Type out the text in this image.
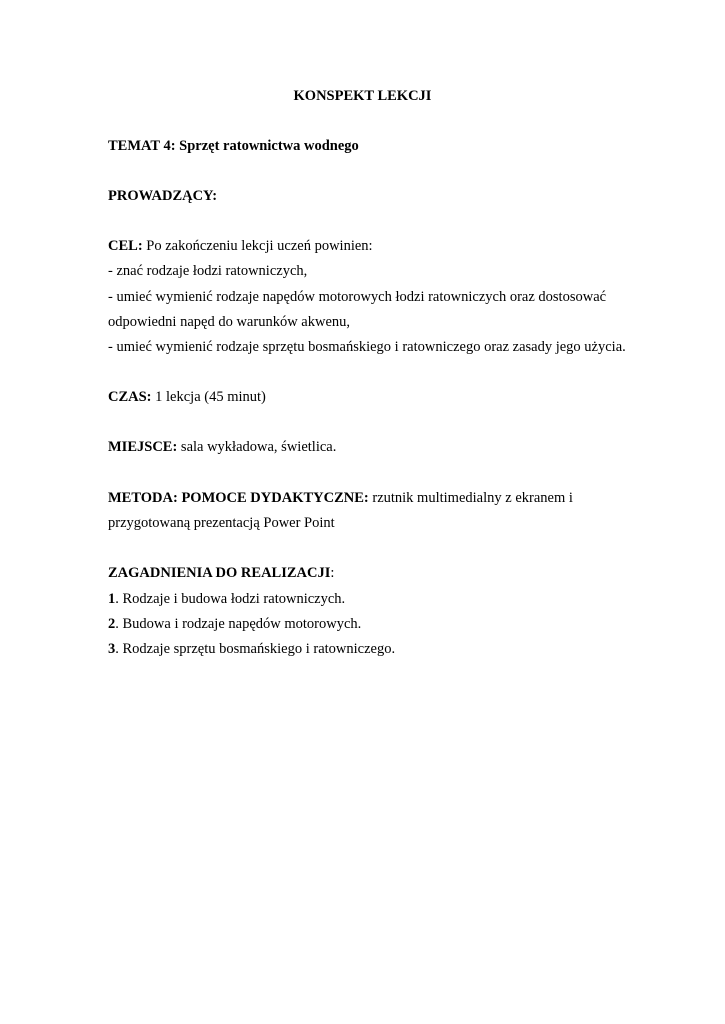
KONSPEKT LEKCJI
TEMAT 4: Sprzęt ratownictwa wodnego
PROWADZĄCY:
CEL: Po zakończeniu lekcji uczeń powinien:
- znać rodzaje łodzi ratowniczych,
- umieć wymienić rodzaje napędów motorowych łodzi ratowniczych oraz dostosować
odpowiedni napęd do warunków akwenu,
- umieć wymienić rodzaje sprzętu bosmańskiego i ratowniczego oraz zasady jego użycia.
CZAS: 1 lekcja (45 minut)
MIEJSCE: sala wykładowa, świetlica.
METODA: POMOCE DYDAKTYCZNE: rzutnik multimedialny z ekranem i
przygotowaną prezentacją Power Point
ZAGADNIENIA DO REALIZACJI:
1. Rodzaje i budowa łodzi ratowniczych.
2. Budowa i rodzaje napędów motorowych.
3. Rodzaje sprzętu bosmańskiego i ratowniczego.
